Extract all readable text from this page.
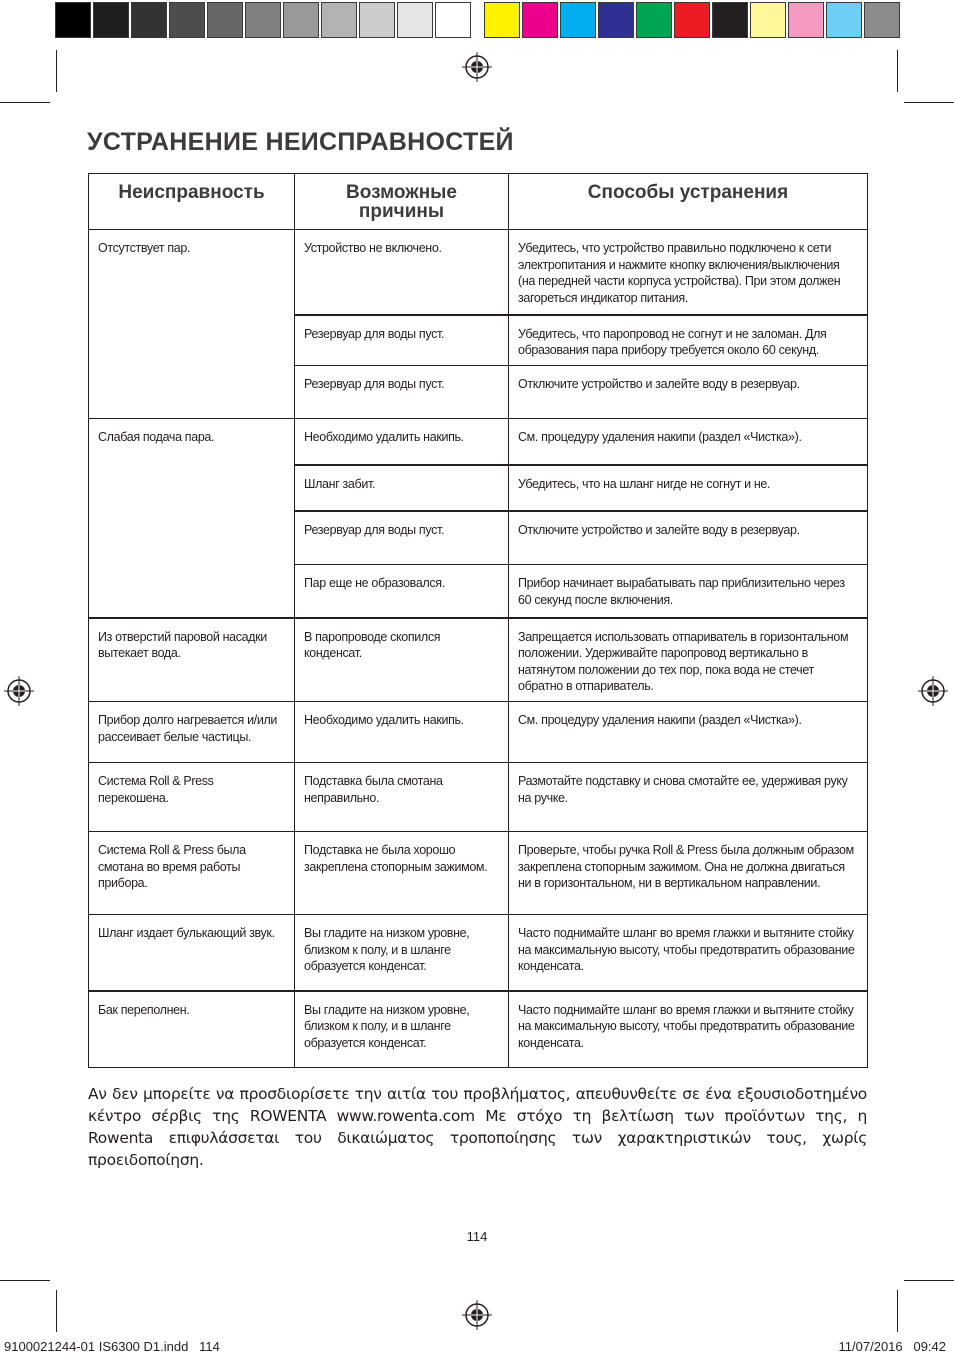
УСТРАНЕНИЕ НЕИСПРАВНОСТЕЙ
Неисправность	Возможные причины	Способы устранения
Отсутствует пар.	Устройство не включено.	Убедитесь, что устройство правильно подключено к сети электропитания и нажмите кнопку включения/выключения (на передней части корпуса устройства). При этом должен загореться индикатор питания.
	Резервуар для воды пуст.	Убедитесь, что паропровод не согнут и не заломан. Для образования пара прибору требуется около 60 секунд.
	Резервуар для воды пуст.	Отключите устройство и залейте воду в резервуар.
Слабая подача пара.	Необходимо удалить накипь.	См. процедуру удаления накипи (раздел «Чистка»).
	Шланг забит.	Убедитесь, что на шланг нигде не согнут и не.
	Резервуар для воды пуст.	Отключите устройство и залейте воду в резервуар.
	Пар еще не образовался.	Прибор начинает вырабатывать пар приблизительно через 60 секунд после включения.
Из отверстий паровой насадки вытекает вода.	В паропроводе скопился конденсат.	Запрещается использовать отпариватель в горизонтальном положении. Удерживайте паропровод вертикально в натянутом положении до тех пор, пока вода не стечет обратно в отпариватель.
Прибор долго нагревается и/или рассеивает белые частицы.	Необходимо удалить накипь.	См. процедуру удаления накипи (раздел «Чистка»).
Система Roll & Press перекошена.	Подставка была смотана неправильно.	Размотайте подставку и снова смотайте ее, удерживая руку на ручке.
Система Roll & Press была смотана во время работы прибора.	Подставка не была хорошо закреплена стопорным зажимом.	Проверьте, чтобы ручка Roll & Press была должным образом закреплена стопорным зажимом. Она не должна двигаться ни в горизонтальном, ни в вертикальном направлении.
Шланг издает булькающий звук.	Вы гладите на низком уровне, близком к полу, и в шланге образуется конденсат.	Часто поднимайте шланг во время глажки и вытяните стойку на максимальную высоту, чтобы предотвратить образование конденсата.
Бак переполнен.	Вы гладите на низком уровне, близком к полу, и в шланге образуется конденсат.	Часто поднимайте шланг во время глажки и вытяните стойку на максимальную высоту, чтобы предотвратить образование конденсата.

Αν δεν μπορείτε να προσδιορίσετε την αιτία του προβλήματος, απευθυνθείτε σε ένα εξουσιοδοτημένο κέντρο σέρβις της ROWENTA www.rowenta.com Με στόχο τη βελτίωση των προϊόντων της, η Rowenta επιφυλάσσεται του δικαιώματος τροποποίησης των χαρακτηριστικών τους, χωρίς προειδοποίηση.

114
9100021244-01 IS6300 D1.indd   114	11/07/2016   09:42
